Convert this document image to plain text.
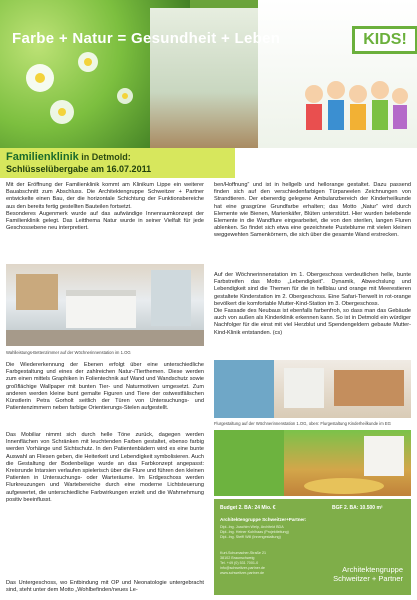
Farbe + Natur = Gesundheit + Leben	KIDS!
Familienklinik in Detmold:
Schlüsselübergabe am 16.07.2011
Mit der Eröffnung der Familienklinik kommt am Klinikum Lippe ein weiterer Bauabschnitt zum Abschluss. Die Architektengruppe Schweitzer + Partner entwickelte einen Bau, der die horizontale Schichtung der Funktionsbereiche aus den bereits fertig gestellten Bauteilen fortsetzt.
Besonderes Augenmerk wurde auf das aufwändige Innenraumkonzept der Familienklinik gelegt. Das Leitthema Natur wurde in seiner Vielfalt für jede Geschossebene neu interpretiert.
Wahlleistungs-Bettenzimmer auf der Wöchnerinnenstation im 1.OG
Die Wiedererkennung der Ebenen erfolgt über eine unterschiedliche Farbgestaltung und eines der zahlreichen Natur-/Tierthemen. Diese werden zum einen mittels Graphiken in Folientechnik auf Wand und Wandschutz sowie großflächige Wallpaper mit bunten Tier- und Naturmotiven umgesetzt. Zum anderen werden kleine bunt gemalte Figuren und Tiere der ostwestfälischen Künstlerin Petra Gorholt seitlich der Türen von Untersuchungs- und Patientenzimmern neben farbige Orientierungs-Stelen aufgestellt.
Das Mobiliar nimmt sich durch helle Töne zurück, dagegen werden Innenflächen von Schränken mit leuchtenden Farben gestaltet, ebenso farbig werden Vorhänge und Sichtschutz. In den Patientenbädern wird es eine bunte Auswahl an Fliesen geben, die Heiterkeit und Lebendigkeit symbolisieren. Auch die Gestaltung der Bodenbeläge wurde an das Farbkonzept angepasst: Kreisrunde Intarsien verlaufen spielerisch über die Flure und führen den kleinen Patienten in Untersuchungs- oder Warteräume. Im Erdgeschoss werden Flurkreuzungen und Wartebereiche durch eine moderne Lichtsteuerung aufgewertet, die unterschiedliche Farbwirkungen erzielt und die Wahrnehmung positiv beeinflusst.
Das Untergeschoss, wo Entbindung mit OP und Neonatologie untergebracht sind, steht unter dem Motto „Wohlbefinden/neues Le-
ben/Hoffnung“ und ist in hellgelb und hellorange gestaltet. Dazu passend finden sich auf den verschiedenfarbigen Türpaneelen Zeichnungen von Strandtieren. Der ebenerdig gelegene Ambulanzbereich der Kinderheilkunde hat eine grasgrüne Grundfarbe erhalten; das Motto „Natur“ wird durch Elemente wie Bienen, Marienkäfer, Blüten unterstützt. Hier wurden belebende Elemente in die Wandflure eingearbeitet, die von den sterilen, langen Fluren ablenken. So findet sich etwa eine gezeichnete Pusteblume mit vielen kleinen weggewehten Samenkörnern, die sich über die gesamte Wand erstrecken.
Auf der Wöchnerinnenstation im 1. Obergeschoss verdeutlichen helle, bunte Farbstreifen das Motto „Lebendigkeit“. Dynamik, Abwechslung und Lebendigkeit sind die Themen für die in hellblau und orange mit Meerestieren gestaltete Kinderstation im 2. Obergeschoss. Eine Safari-Tierwelt in rot-orange bevölkert die komfortable Mutter-Kind-Station im 3. Obergeschoss.
Die Fassade des Neubaus ist ebenfalls farbenfroh, so dass man das Gebäude auch von außen als Kinderklinik erkennen kann. So ist in Detmold ein würdiger Nachfolger für die einst mit viel Herzblut und Spendengeldern gebaute Mutter-Kind-Klinik entstanden. (cs)
Flurgestaltung auf der Wöchnerinnenstation 1.OG, oben: Flurgestaltung Kinderheilkunde im EG
Budget 2. BA: 24 Mio. €	BGF 2. BA: 10.500 m²
Architektengruppe Schweitzer+Partner:
Dipl.-Ing. Joachim Welp, Architekt BDA
Dipl.-Ing. Heiner Kohlhaas (Projektleitung)
Dipl.-Ing. Steffi Will (Innengestaltung)
Kurt-Schumacher-Straße 21
38102 Braunschweig
Tel. +49 (0) 531 7001-0
info@schweitzer-partner.de
www.schweitzer-partner.de	Architektengruppe
Schweitzer + Partner
